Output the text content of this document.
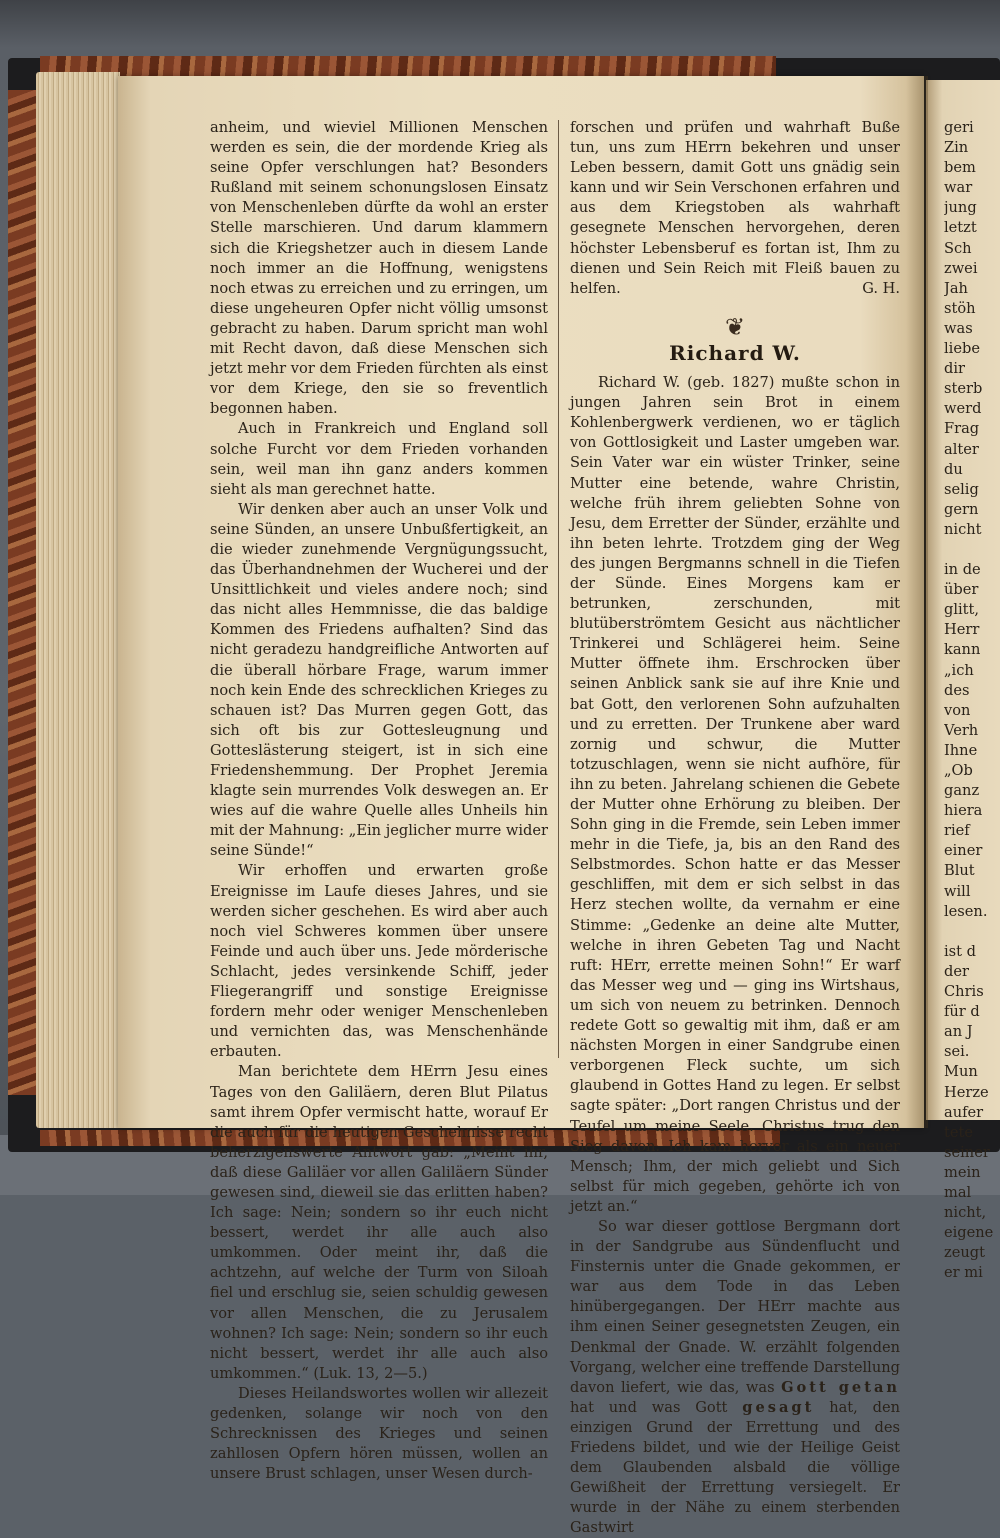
anheim, und wieviel Millionen Menschen werden es sein, die der mordende Krieg als seine Opfer verschlungen hat? Besonders Rußland mit seinem schonungslosen Einsatz von Menschenleben dürfte da wohl an erster Stelle marschieren. Und darum klammern sich die Kriegshetzer auch in diesem Lande noch immer an die Hoffnung, wenigstens noch etwas zu erreichen und zu erringen, um diese ungeheuren Opfer nicht völlig umsonst gebracht zu haben. Darum spricht man wohl mit Recht davon, daß diese Menschen sich jetzt mehr vor dem Frieden fürchten als einst vor dem Kriege, den sie so freventlich begonnen haben.

Auch in Frankreich und England soll solche Furcht vor dem Frieden vorhanden sein, weil man ihn ganz anders kommen sieht als man gerechnet hatte.

Wir denken aber auch an unser Volk und seine Sünden, an unsere Unbußfertigkeit, an die wieder zunehmende Vergnügungssucht, das Überhandnehmen der Wucherei und der Unsittlichkeit und vieles andere noch; sind das nicht alles Hemmnisse, die das baldige Kommen des Friedens aufhalten? Sind das nicht geradezu handgreifliche Antworten auf die überall hörbare Frage, warum immer noch kein Ende des schrecklichen Krieges zu schauen ist? Das Murren gegen Gott, das sich oft bis zur Gottesleugnung und Gotteslästerung steigert, ist in sich eine Friedenshemmung. Der Prophet Jeremia klagte sein murrendes Volk deswegen an. Er wies auf die wahre Quelle alles Unheils hin mit der Mahnung: „Ein jeglicher murre wider seine Sünde!“

Wir erhoffen und erwarten große Ereignisse im Laufe dieses Jahres, und sie werden sicher geschehen. Es wird aber auch noch viel Schweres kommen über unsere Feinde und auch über uns. Jede mörderische Schlacht, jedes versinkende Schiff, jeder Fliegerangriff und sonstige Ereignisse fordern mehr oder weniger Menschenleben und vernichten das, was Menschenhände erbauten.

Man berichtete dem HErrn Jesu eines Tages von den Galiläern, deren Blut Pilatus samt ihrem Opfer vermischt hatte, worauf Er die auch für die heutigen Geschehnisse recht beherzigenswerte Antwort gab: „Meint ihr, daß diese Galiläer vor allen Galiläern Sünder gewesen sind, dieweil sie das erlitten haben? Ich sage: Nein; sondern so ihr euch nicht bessert, werdet ihr alle auch also umkommen. Oder meint ihr, daß die achtzehn, auf welche der Turm von Siloah fiel und erschlug sie, seien schuldig gewesen vor allen Menschen, die zu Jerusalem wohnen? Ich sage: Nein; sondern so ihr euch nicht bessert, werdet ihr alle auch also umkommen.“ (Luk. 13, 2—5.)

Dieses Heilandswortes wollen wir allezeit gedenken, solange wir noch von den Schrecknissen des Krieges und seinen zahllosen Opfern hören müssen, wollen an unsere Brust schlagen, unser Wesen durch-

forschen und prüfen und wahrhaft Buße tun, uns zum HErrn bekehren und unser Leben bessern, damit Gott uns gnädig sein kann und wir Sein Verschonen erfahren und aus dem Kriegstoben als wahrhaft gesegnete Menschen hervorgehen, deren höchster Lebensberuf es fortan ist, Ihm zu dienen und Sein Reich mit Fleiß bauen zu helfen.	G. H.

❦
Richard W.

Richard W. (geb. 1827) mußte schon in jungen Jahren sein Brot in einem Kohlenbergwerk verdienen, wo er täglich von Gottlosigkeit und Laster umgeben war. Sein Vater war ein wüster Trinker, seine Mutter eine betende, wahre Christin, welche früh ihrem geliebten Sohne von Jesu, dem Erretter der Sünder, erzählte und ihn beten lehrte. Trotzdem ging der Weg des jungen Bergmanns schnell in die Tiefen der Sünde. Eines Morgens kam er betrunken, zerschunden, mit blutüberströmtem Gesicht aus nächtlicher Trinkerei und Schlägerei heim. Seine Mutter öffnete ihm. Erschrocken über seinen Anblick sank sie auf ihre Knie und bat Gott, den verlorenen Sohn aufzuhalten und zu erretten. Der Trunkene aber ward zornig und schwur, die Mutter totzuschlagen, wenn sie nicht aufhöre, für ihn zu beten. Jahrelang schienen die Gebete der Mutter ohne Erhörung zu bleiben. Der Sohn ging in die Fremde, sein Leben immer mehr in die Tiefe, ja, bis an den Rand des Selbstmordes. Schon hatte er das Messer geschliffen, mit dem er sich selbst in das Herz stechen wollte, da vernahm er eine Stimme: „Gedenke an deine alte Mutter, welche in ihren Gebeten Tag und Nacht ruft: HErr, errette meinen Sohn!“ Er warf das Messer weg und — ging ins Wirtshaus, um sich von neuem zu betrinken. Dennoch redete Gott so gewaltig mit ihm, daß er am nächsten Morgen in einer Sandgrube einen verborgenen Fleck suchte, um sich glaubend in Gottes Hand zu legen. Er selbst sagte später: „Dort rangen Christus und der Teufel um meine Seele. Christus trug den Sieg davon. Ich kam hervor als ein neuer Mensch; Ihm, der mich geliebt und Sich selbst für mich gegeben, gehörte ich von jetzt an.“

So war dieser gottlose Bergmann dort in der Sandgrube aus Sündenflucht und Finsternis unter die Gnade gekommen, er war aus dem Tode in das Leben hinübergegangen. Der HErr machte aus ihm einen Seiner gesegnetsten Zeugen, ein Denkmal der Gnade. W. erzählt folgenden Vorgang, welcher eine treffende Darstellung davon liefert, wie das, was Gott getan hat und was Gott gesagt hat, den einzigen Grund der Errettung und des Friedens bildet, und wie der Heilige Geist dem Glaubenden alsbald die völlige Gewißheit der Errettung versiegelt. Er wurde in der Nähe zu einem sterbenden Gastwirt

geri
Zin
bem
war
jung
letzt
Sch
zwei
Jah
stöh
was
liebe
dir
sterb
werd
Frag
alter
du
selig
gern
nicht
in de
über
glitt,
Herr
kann
„ich
des
von
Verh
Ihne
„Ob
ganz
hiera
rief
einer
Blut
will
lesen.
ist d
der
Chris
für d
an J
sei.
Mun
Herze
aufer
tete
seiner
mein
mal
nicht,
eigene
zeugt
er mi
